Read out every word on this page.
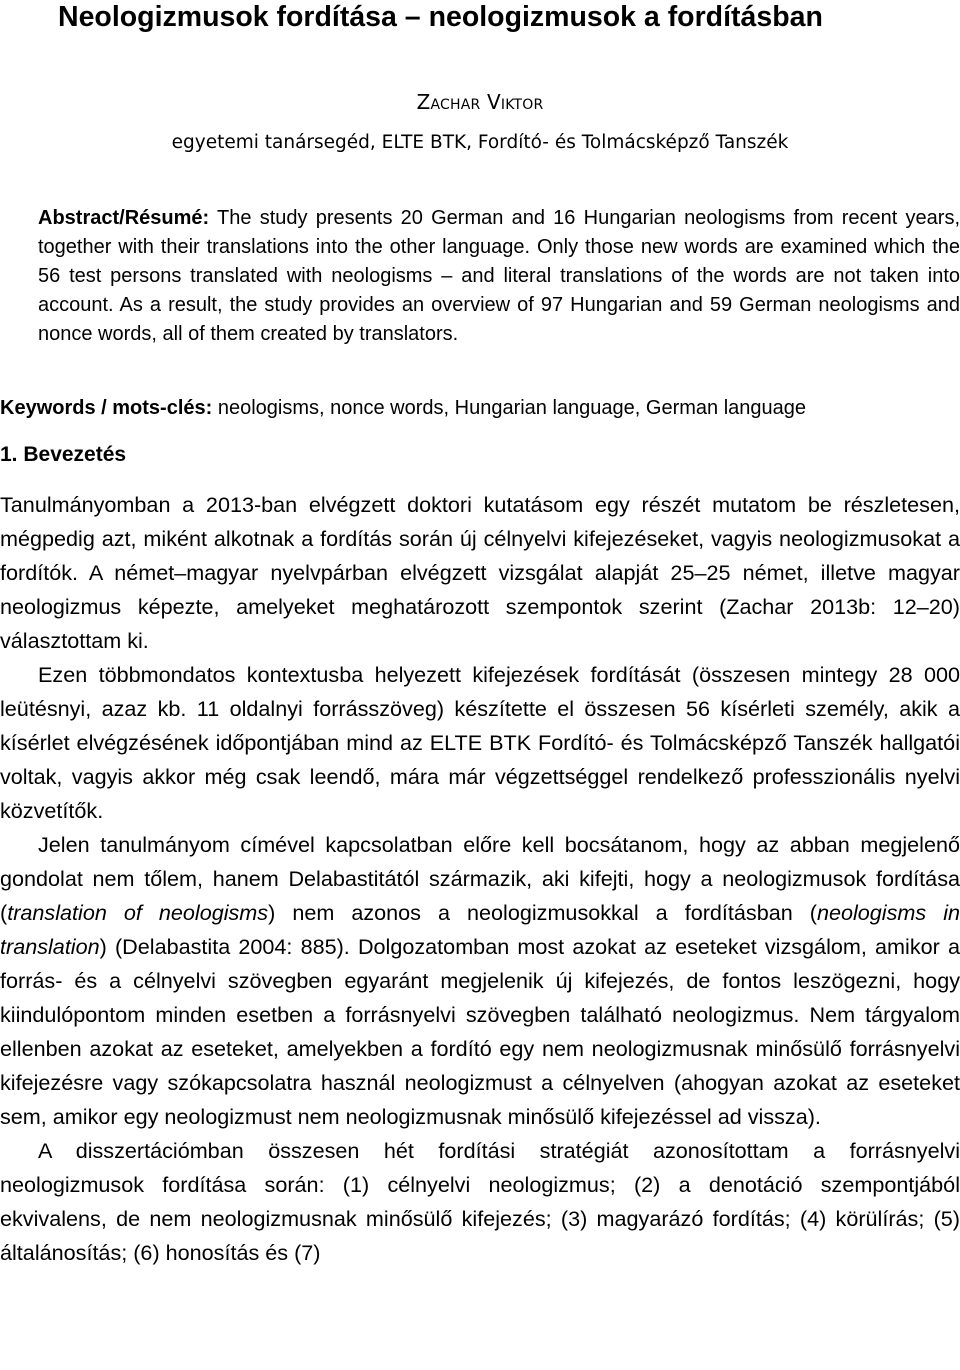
Neologizmusok fordítása – neologizmusok a fordításban
Zachar Viktor
egyetemi tanársegéd, ELTE BTK, Fordító- és Tolmácsképző Tanszék

Abstract/Résumé: The study presents 20 German and 16 Hungarian neologisms from recent years, together with their translations into the other language. Only those new words are examined which the 56 test persons translated with neologisms – and literal translations of the words are not taken into account. As a result, the study provides an overview of 97 Hungarian and 59 German neologisms and nonce words, all of them created by translators.

Keywords / mots-clés: neologisms, nonce words, Hungarian language, German language

1. Bevezetés

Tanulmányomban a 2013-ban elvégzett doktori kutatásom egy részét mutatom be részletesen, mégpedig azt, miként alkotnak a fordítás során új célnyelvi kifejezéseket, vagyis neologizmusokat a fordítók. A német–magyar nyelvpárban elvégzett vizsgálat alapját 25–25 német, illetve magyar neologizmus képezte, amelyeket meghatározott szempontok szerint (Zachar 2013b: 12–20) választottam ki.

Ezen többmondatos kontextusba helyezett kifejezések fordítását (összesen mintegy 28 000 leütésnyi, azaz kb. 11 oldalnyi forrásszöveg) készítette el összesen 56 kísérleti személy, akik a kísérlet elvégzésének időpontjában mind az ELTE BTK Fordító- és Tolmácsképző Tanszék hallgatói voltak, vagyis akkor még csak leendő, mára már végzettséggel rendelkező professzionális nyelvi közvetítők.

Jelen tanulmányom címével kapcsolatban előre kell bocsátanom, hogy az abban megjelenő gondolat nem tőlem, hanem Delabastitától származik, aki kifejti, hogy a neologizmusok fordítása (translation of neologisms) nem azonos a neologizmusokkal a fordításban (neologisms in translation) (Delabastita 2004: 885). Dolgozatomban most azokat az eseteket vizsgálom, amikor a forrás- és a célnyelvi szövegben egyaránt megjelenik új kifejezés, de fontos leszögezni, hogy kiindulópontom minden esetben a forrásnyelvi szövegben található neologizmus. Nem tárgyalom ellenben azokat az eseteket, amelyekben a fordító egy nem neologizmusnak minősülő forrásnyelvi kifejezésre vagy szókapcsolatra használ neologizmust a célnyelven (ahogyan azokat az eseteket sem, amikor egy neologizmust nem neologizmusnak minősülő kifejezéssel ad vissza).

A disszertációmban összesen hét fordítási stratégiát azonosítottam a forrásnyelvi neologizmusok fordítása során: (1) célnyelvi neologizmus; (2) a denotáció szempontjából ekvivalens, de nem neologizmusnak minősülő kifejezés; (3) magyarázó fordítás; (4) körülírás; (5) általánosítás; (6) honosítás és (7)
